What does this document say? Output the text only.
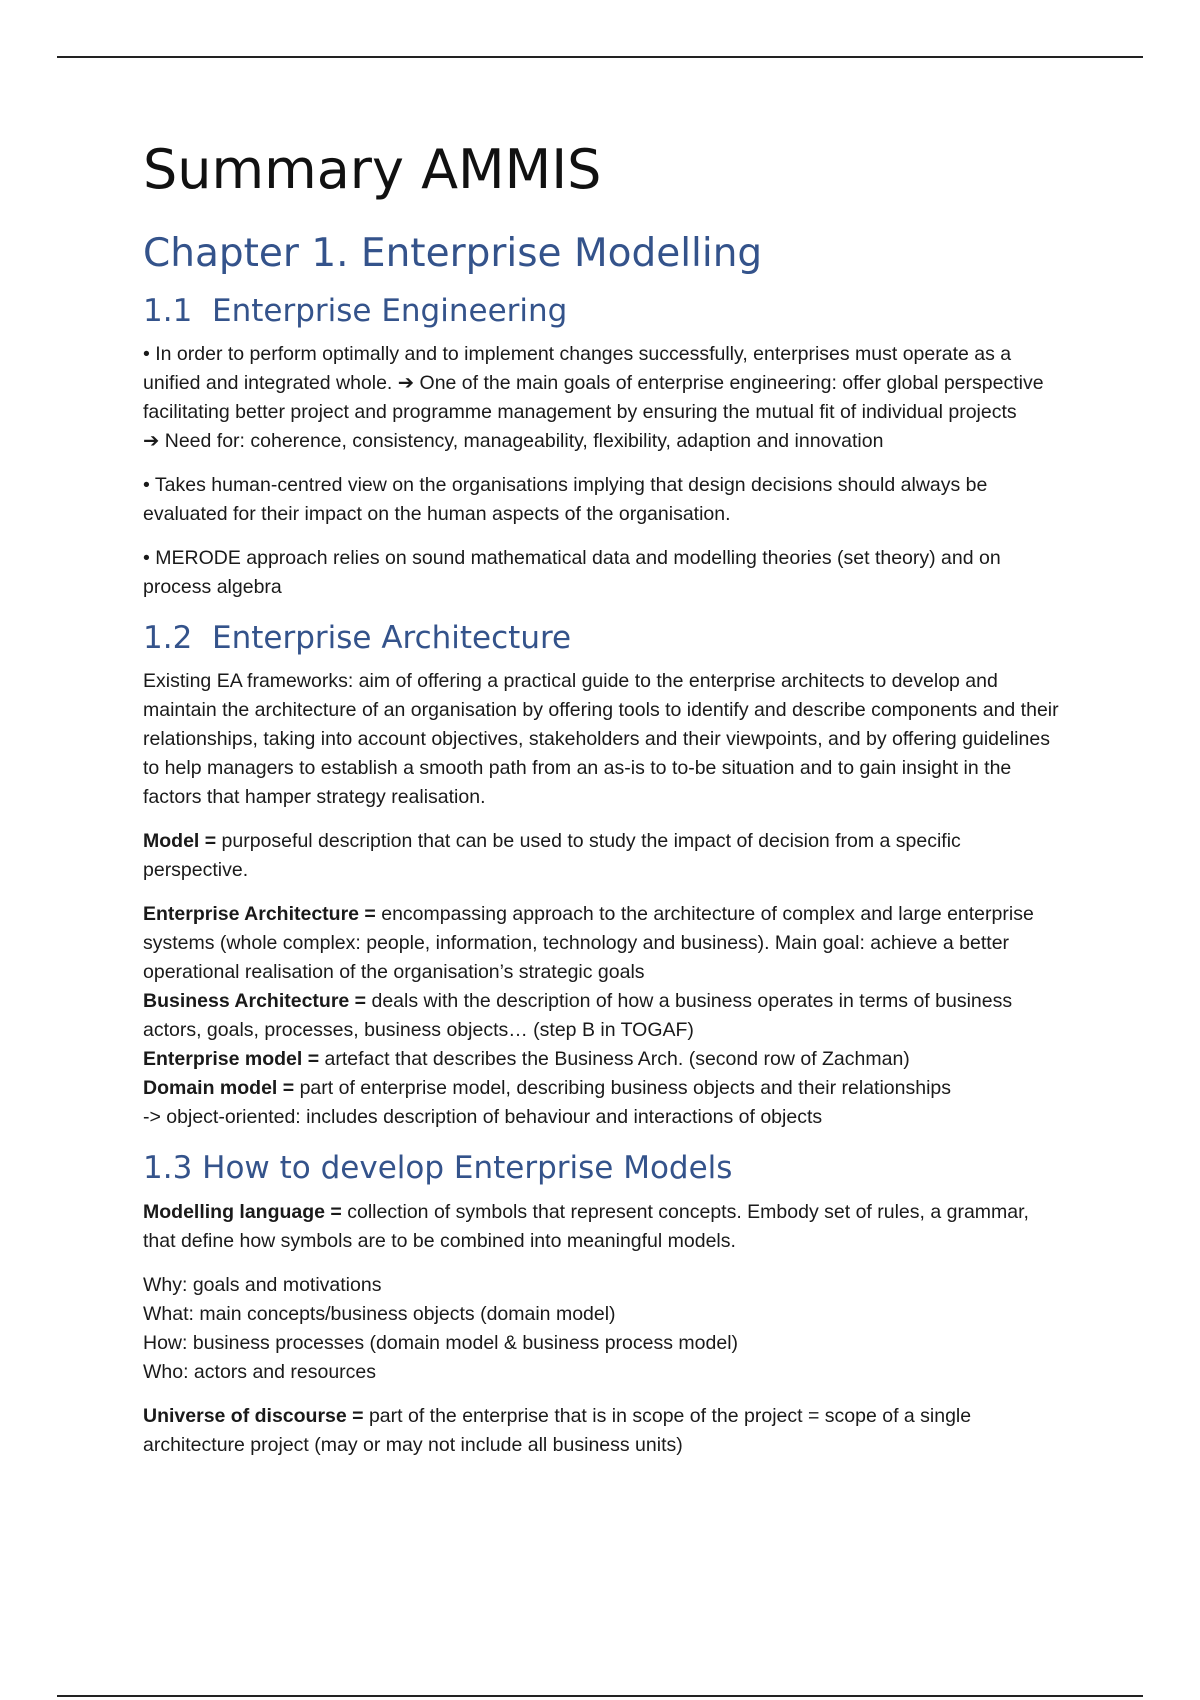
Summary AMMIS
Chapter 1. Enterprise Modelling
1.1  Enterprise Engineering

• In order to perform optimally and to implement changes successfully, enterprises must operate as a unified and integrated whole. ➔ One of the main goals of enterprise engineering: offer global perspective facilitating better project and programme management by ensuring the mutual fit of individual projects
➔ Need for: coherence, consistency, manageability, flexibility, adaption and innovation

• Takes human-centred view on the organisations implying that design decisions should always be evaluated for their impact on the human aspects of the organisation.

• MERODE approach relies on sound mathematical data and modelling theories (set theory) and on process algebra

1.2  Enterprise Architecture

Existing EA frameworks: aim of offering a practical guide to the enterprise architects to develop and maintain the architecture of an organisation by offering tools to identify and describe components and their relationships, taking into account objectives, stakeholders and their viewpoints, and by offering guidelines to help managers to establish a smooth path from an as-is to to-be situation and to gain insight in the factors that hamper strategy realisation.

Model = purposeful description that can be used to study the impact of decision from a specific perspective.

Enterprise Architecture = encompassing approach to the architecture of complex and large enterprise systems (whole complex: people, information, technology and business). Main goal: achieve a better operational realisation of the organisation’s strategic goals
Business Architecture = deals with the description of how a business operates in terms of business actors, goals, processes, business objects… (step B in TOGAF)
Enterprise model = artefact that describes the Business Arch. (second row of Zachman)
Domain model = part of enterprise model, describing business objects and their relationships
-> object-oriented: includes description of behaviour and interactions of objects

1.3 How to develop Enterprise Models

Modelling language = collection of symbols that represent concepts. Embody set of rules, a grammar, that define how symbols are to be combined into meaningful models.

Why: goals and motivations
What: main concepts/business objects (domain model)
How: business processes (domain model & business process model)
Who: actors and resources

Universe of discourse = part of the enterprise that is in scope of the project = scope of a single architecture project (may or may not include all business units)
